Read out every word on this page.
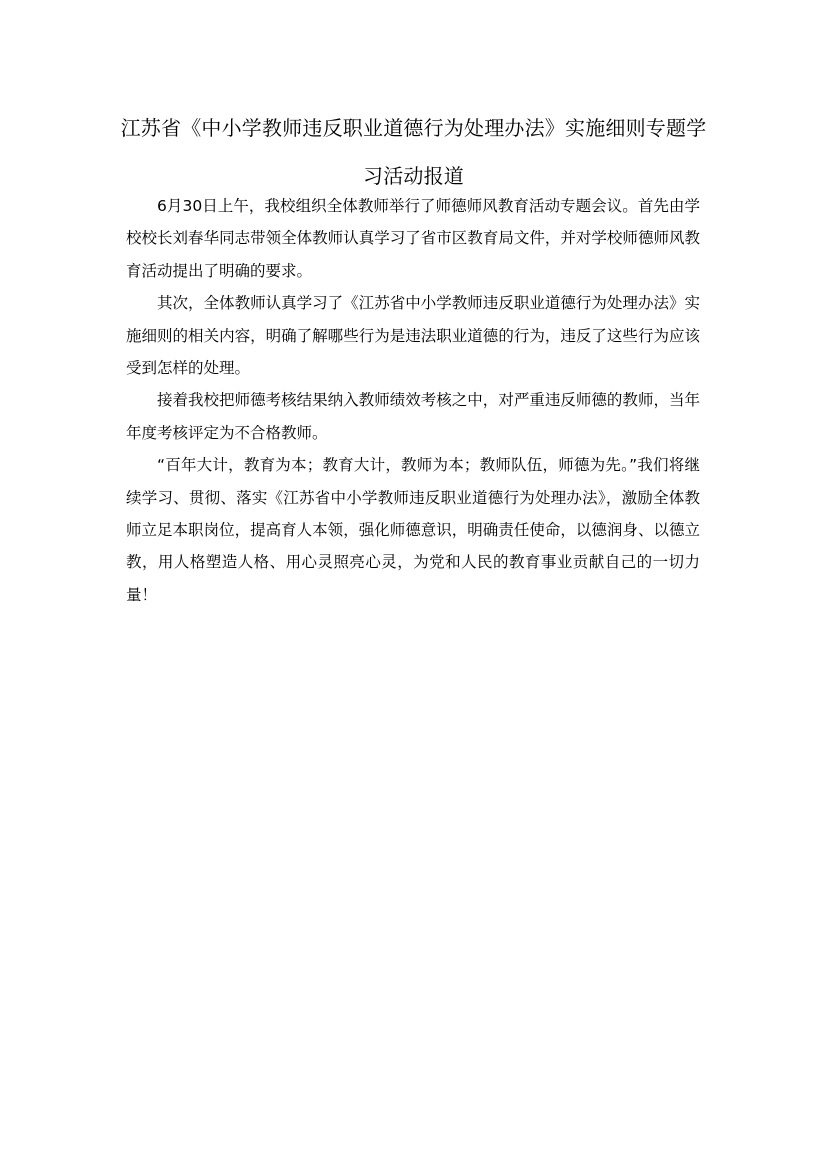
江苏省《中小学教师违反职业道德行为处理办法》实施细则专题学习活动报道

6月30日上午，我校组织全体教师举行了师德师风教育活动专题会议。首先由学校校长刘春华同志带领全体教师认真学习了省市区教育局文件，并对学校师德师风教育活动提出了明确的要求。

其次，全体教师认真学习了《江苏省中小学教师违反职业道德行为处理办法》实施细则的相关内容，明确了解哪些行为是违法职业道德的行为，违反了这些行为应该受到怎样的处理。

接着我校把师德考核结果纳入教师绩效考核之中，对严重违反师德的教师，当年年度考核评定为不合格教师。

“百年大计，教育为本；教育大计，教师为本；教师队伍，师德为先。”我们将继续学习、贯彻、落实《江苏省中小学教师违反职业道德行为处理办法》，激励全体教师立足本职岗位，提高育人本领，强化师德意识，明确责任使命，以德润身、以德立教，用人格塑造人格、用心灵照亮心灵，为党和人民的教育事业贡献自己的一切力量！
